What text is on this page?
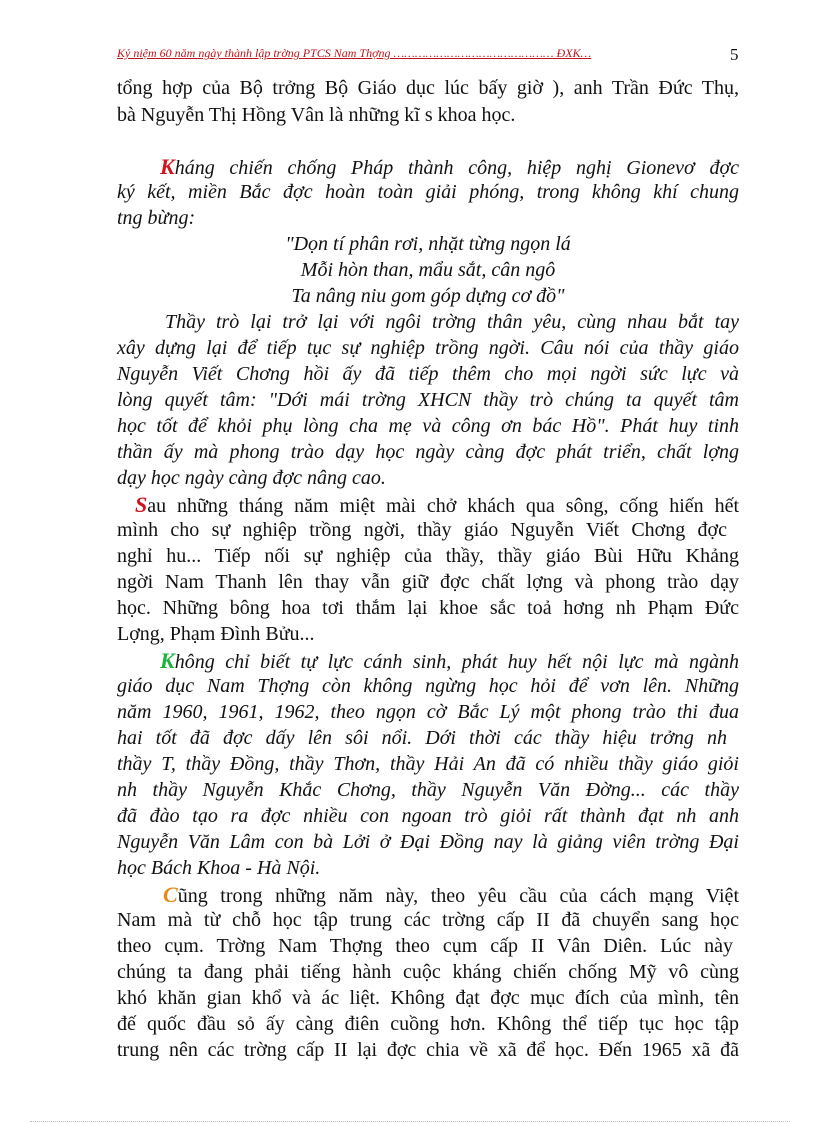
Kỷ niệm 60 năm ngày thành lập trờng PTCS Nam Thợng ……………………………………… ĐXK…	5
tổng hợp của Bộ trởng Bộ Giáo dục lúc bấy giờ ), anh Trần Đức Thụ,
bà Nguyễn Thị Hồng Vân là những kĩ s khoa học.
Kháng chiến chống Pháp thành công, hiệp nghị Gionevơ đợc
ký kết, miền Bắc đợc hoàn toàn giải phóng, trong không khí chung
tng bừng:
"Dọn tí phân rơi, nhặt từng ngọn lá
Mỗi hòn than, mẩu sắt, cân ngô
Ta nâng niu gom góp dựng cơ đồ"
Thầy trò lại trở lại với ngôi trờng thân yêu, cùng nhau bắt tay
xây dựng lại để tiếp tục sự nghiệp trồng ngời. Câu nói của thầy giáo
Nguyễn Viết Chơng hồi ấy đã tiếp thêm cho mọi ngời sức lực và
lòng quyết tâm: "Dới mái trờng XHCN thầy trò chúng ta quyết tâm
học tốt để khỏi phụ lòng cha mẹ và công ơn bác Hồ". Phát huy tinh
thần ấy mà phong trào dạy học ngày càng đợc phát triển, chất lợng
dạy học ngày càng đợc nâng cao.
Sau những tháng năm miệt mài chở khách qua sông, cống hiến hết
mình cho sự nghiệp trồng ngời, thầy giáo Nguyễn Viết Chơng đợc
nghỉ hu... Tiếp nối sự nghiệp của thầy, thầy giáo Bùi Hữu Khảng
ngời Nam Thanh lên thay vẫn giữ đợc chất lợng và phong trào dạy
học. Những bông hoa tơi thắm lại khoe sắc toả hơng nh Phạm Đức
Lợng, Phạm Đình Bửu...
Không chỉ biết tự lực cánh sinh, phát huy hết nội lực mà ngành
giáo dục Nam Thợng còn không ngừng học hỏi để vơn lên. Những
năm 1960, 1961, 1962, theo ngọn cờ Bắc Lý một phong trào thi đua
hai tốt đã đợc dấy lên sôi nổi. Dới thời các thầy hiệu trởng nh
thầy T, thầy Đồng, thầy Thơn, thầy Hải An đã có nhiều thầy giáo giỏi
nh thầy Nguyễn Khắc Chơng, thầy Nguyễn Văn Đờng... các thầy
đã đào tạo ra đợc nhiều con ngoan trò giỏi rất thành đạt nh anh
Nguyễn Văn Lâm con bà Lởi ở Đại Đồng nay là giảng viên trờng Đại
học Bách Khoa - Hà Nội.
Cũng trong những năm này, theo yêu cầu của cách mạng Việt
Nam mà từ chỗ học tập trung các trờng cấp II đã chuyển sang học
theo cụm. Trờng Nam Thợng theo cụm cấp II Vân Diên. Lúc này
chúng ta đang phải tiếng hành cuộc kháng chiến chống Mỹ vô cùng
khó khăn gian khổ và ác liệt. Không đạt đợc mục đích của mình, tên
đế quốc đầu sỏ ấy càng điên cuồng hơn. Không thể tiếp tục học tập
trung nên các trờng cấp II lại đợc chia về xã để học. Đến 1965 xã đã
